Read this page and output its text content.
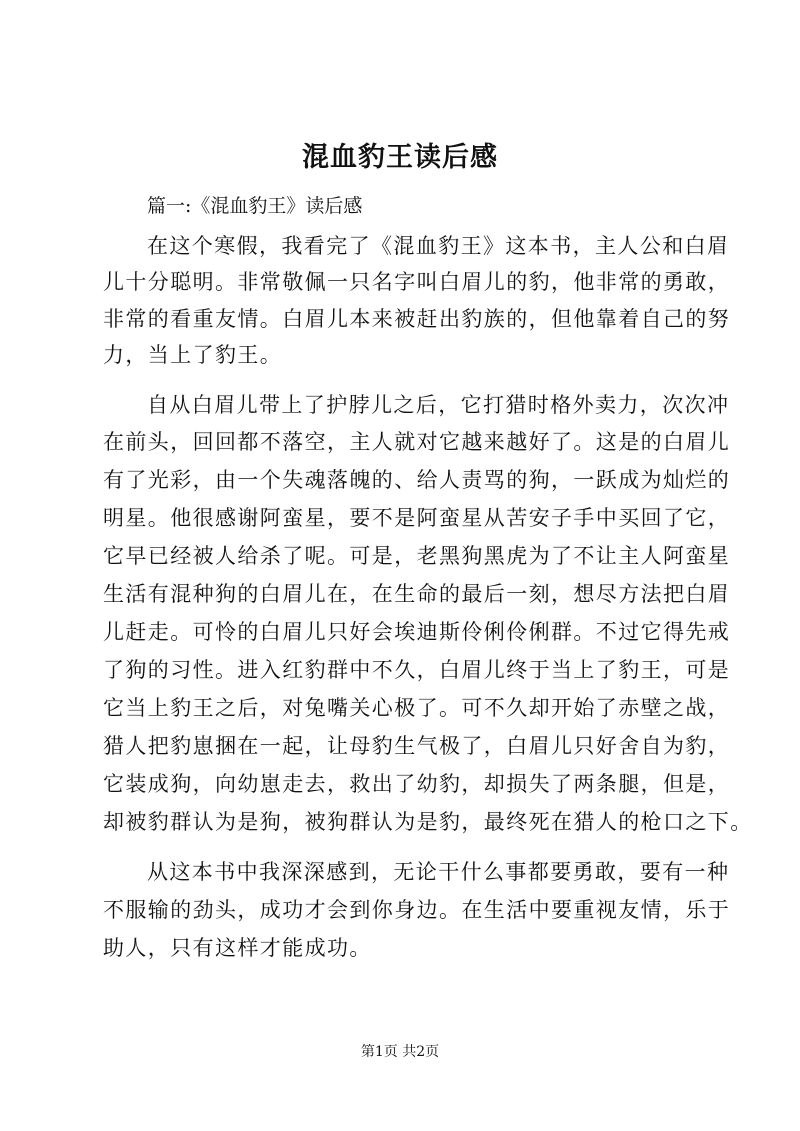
混血豹王读后感
篇一:《混血豹王》读后感
在这个寒假，我看完了《混血豹王》这本书，主人公和白眉
儿十分聪明。非常敬佩一只名字叫白眉儿的豹，他非常的勇敢，
非常的看重友情。白眉儿本来被赶出豹族的，但他靠着自己的努
力，当上了豹王。
自从白眉儿带上了护脖儿之后，它打猎时格外卖力，次次冲
在前头，回回都不落空，主人就对它越来越好了。这是的白眉儿
有了光彩，由一个失魂落魄的、给人责骂的狗，一跃成为灿烂的
明星。他很感谢阿蛮星，要不是阿蛮星从苦安子手中买回了它，
它早已经被人给杀了呢。可是，老黑狗黑虎为了不让主人阿蛮星
生活有混种狗的白眉儿在，在生命的最后一刻，想尽方法把白眉
儿赶走。可怜的白眉儿只好会埃迪斯伶俐伶俐群。不过它得先戒
了狗的习性。进入红豹群中不久，白眉儿终于当上了豹王，可是
它当上豹王之后，对兔嘴关心极了。可不久却开始了赤壁之战，
猎人把豹崽捆在一起，让母豹生气极了，白眉儿只好舍自为豹，
它装成狗，向幼崽走去，救出了幼豹，却损失了两条腿，但是，
却被豹群认为是狗，被狗群认为是豹，最终死在猎人的枪口之下。
从这本书中我深深感到，无论干什么事都要勇敢，要有一种
不服输的劲头，成功才会到你身边。在生活中要重视友情，乐于
助人，只有这样才能成功。
第1页 共2页
